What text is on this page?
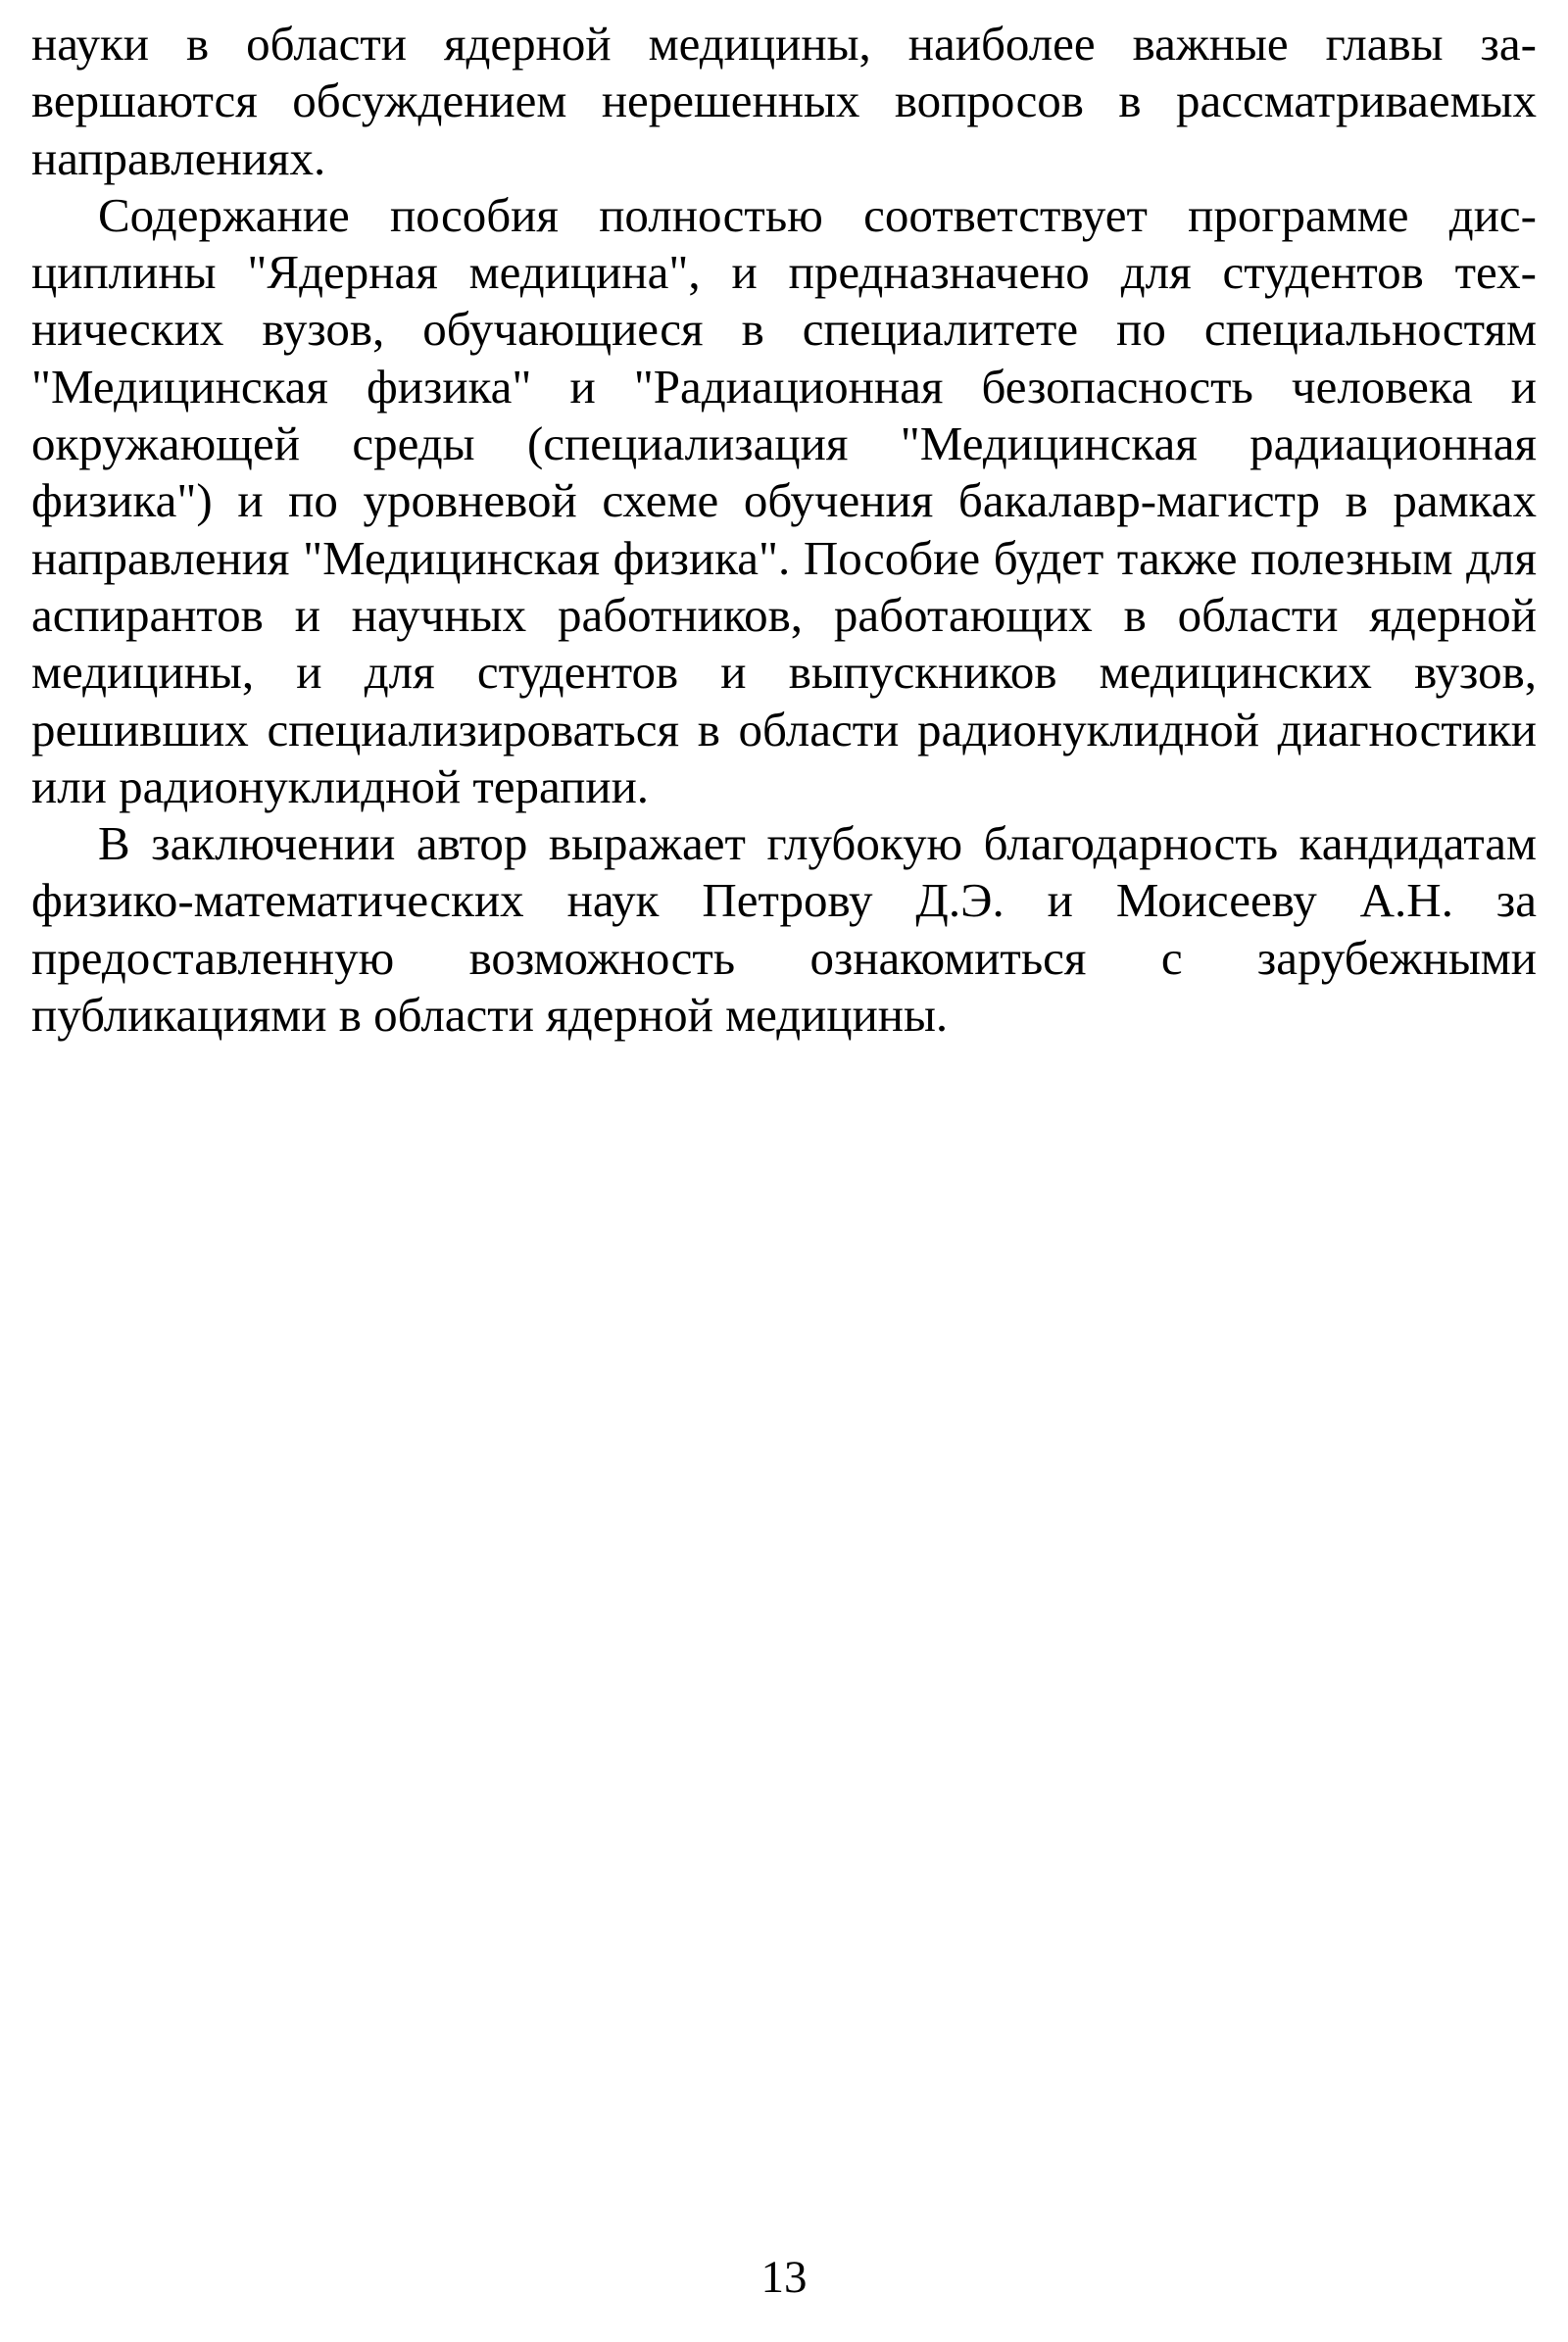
науки в области ядерной медицины, наиболее важные главы завершаются обсуждением нерешенных вопросов в рассматриваемых направлениях.

Содержание пособия полностью соответствует программе дисциплины "Ядерная медицина", и предназначено для студентов технических вузов, обучающиеся в специалитете по специальностям "Медицинская физика" и "Радиационная безопасность человека и окружающей среды (специализация "Медицинская радиационная физика") и по уровневой схеме обучения бакалавр-магистр в рамках направления "Медицинская физика". Пособие будет также полезным для аспирантов и научных работников, работающих в области ядерной медицины, и для студентов и выпускников медицинских вузов, решивших специализироваться в области радионуклидной диагностики или радионуклидной терапии.

В заключении автор выражает глубокую благодарность кандидатам физико-математических наук Петрову Д.Э. и Моисееву А.Н. за предоставленную возможность ознакомиться с зарубежными публикациями в области ядерной медицины.

13
